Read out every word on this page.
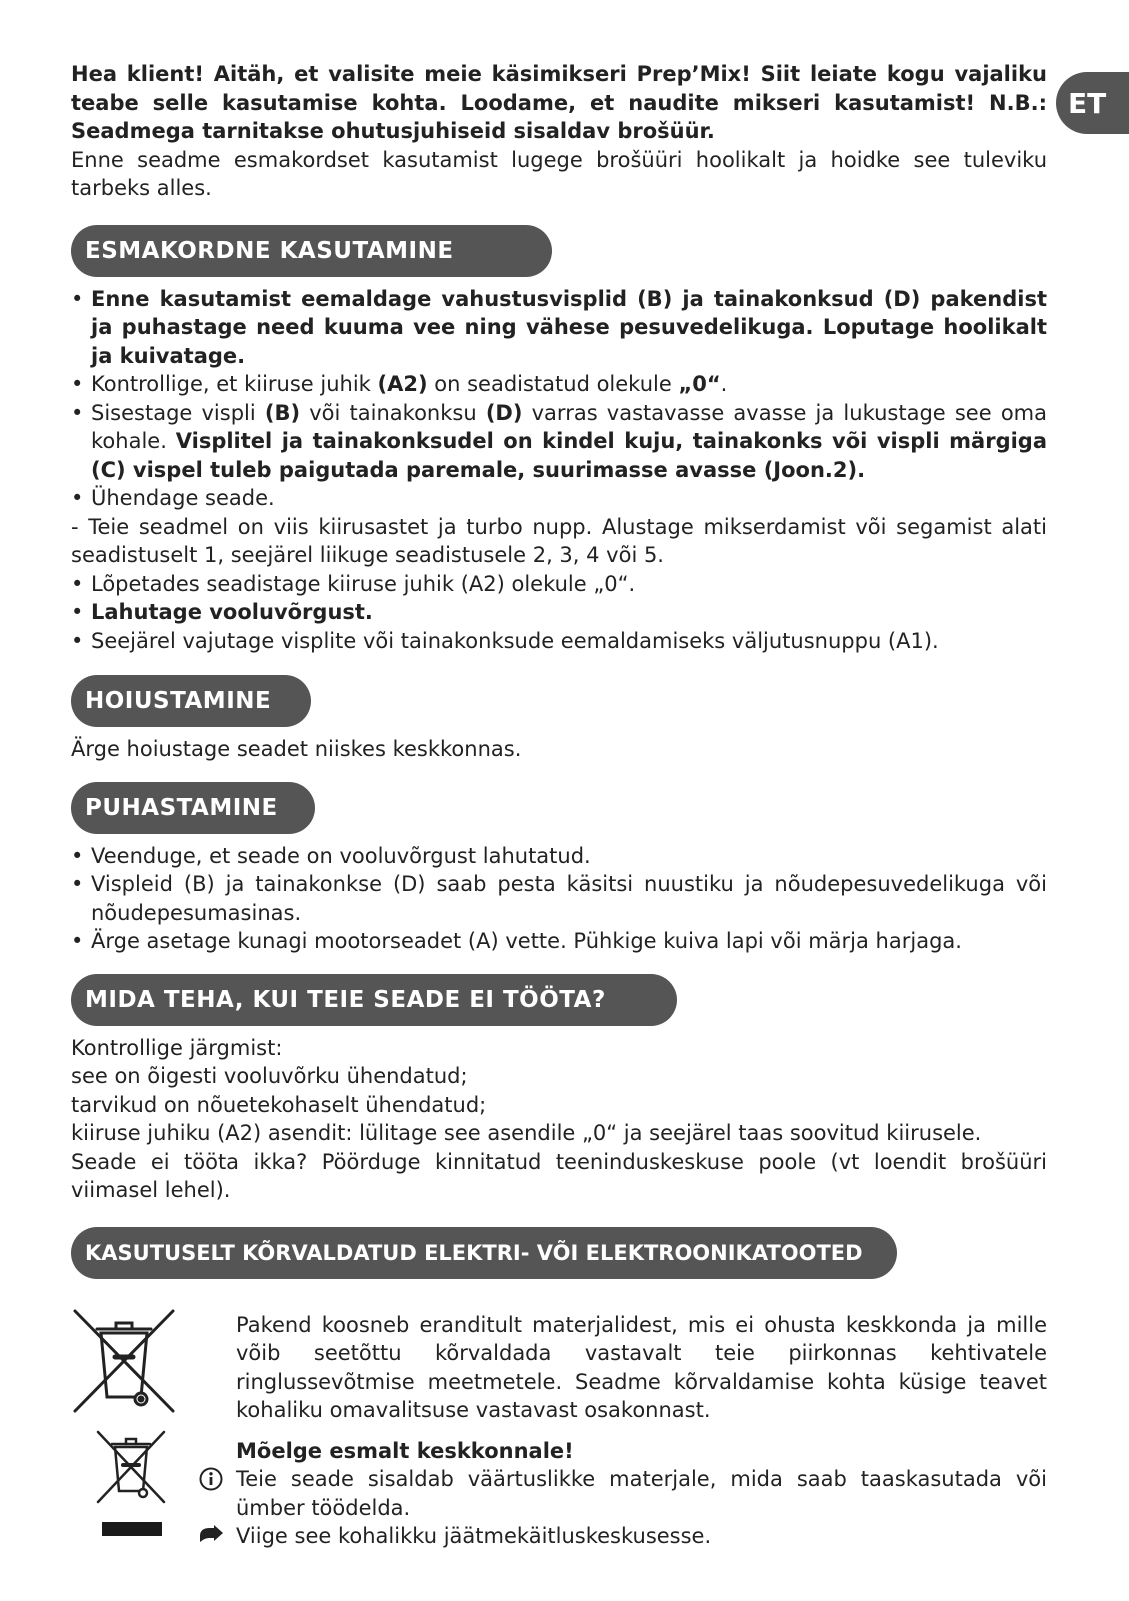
ET

Hea klient! Aitäh, et valisite meie käsimikseri Prep’Mix! Siit leiate kogu vajaliku teabe selle kasutamise kohta. Loodame, et naudite mikseri kasutamist! N.B.: Seadmega tarnitakse ohutusjuhiseid sisaldav brošüür.

Enne seadme esmakordset kasutamist lugege brošüüri hoolikalt ja hoidke see tuleviku tarbeks alles.

ESMAKORDNE KASUTAMINE
• Enne kasutamist eemaldage vahustusvisplid (B) ja tainakonksud (D) pakendist ja puhastage need kuuma vee ning vähese pesuvedelikuga. Loputage hoolikalt ja kuivatage.
• Kontrollige, et kiiruse juhik (A2) on seadistatud olekule „0“.
• Sisestage vispli (B) või tainakonksu (D) varras vastavasse avasse ja lukustage see oma kohale. Visplitel ja tainakonksudel on kindel kuju, tainakonks või vispli märgiga (C) vispel tuleb paigutada paremale, suurimasse avasse (Joon.2).
• Ühendage seade.

- Teie seadmel on viis kiirusastet ja turbo nupp. Alustage mikserdamist või segamist alati seadistuselt 1, seejärel liikuge seadistusele 2, 3, 4 või 5.

• Lõpetades seadistage kiiruse juhik (A2) olekule „0“.
• Lahutage vooluvõrgust.
• Seejärel vajutage visplite või tainakonksude eemaldamiseks väljutusnuppu (A1).
HOIUSTAMINE

Ärge hoiustage seadet niiskes keskkonnas.

PUHASTAMINE
• Veenduge, et seade on vooluvõrgust lahutatud.
• Vispleid (B) ja tainakonkse (D) saab pesta käsitsi nuustiku ja nõudepesuvedelikuga või nõudepesumasinas.
• Ärge asetage kunagi mootorseadet (A) vette. Pühkige kuiva lapi või märja harjaga.
MIDA TEHA, KUI TEIE SEADE EI TÖÖTA?

Kontrollige järgmist:

see on õigesti vooluvõrku ühendatud;

tarvikud on nõuetekohaselt ühendatud;

kiiruse juhiku (A2) asendit: lülitage see asendile „0“ ja seejärel taas soovitud kiirusele.

Seade ei tööta ikka? Pöörduge kinnitatud teeninduskeskuse poole (vt loendit brošüüri viimasel lehel).

KASUTUSELT KÕRVALDATUD ELEKTRI- VÕI ELEKTROONIKATOOTED

Pakend koosneb eranditult materjalidest, mis ei ohusta keskkonda ja mille võib seetõttu kõrvaldada vastavalt teie piirkonnas kehtivatele ringlussevõtmise meetmetele. Seadme kõrvaldamise kohta küsige teavet kohaliku omavalitsuse vastavast osakonnast.

Mõelge esmalt keskkonnale!

Teie seade sisaldab väärtuslikke materjale, mida saab taaskasutada või ümber töödelda.

Viige see kohalikku jäätmekäitluskeskusesse.
